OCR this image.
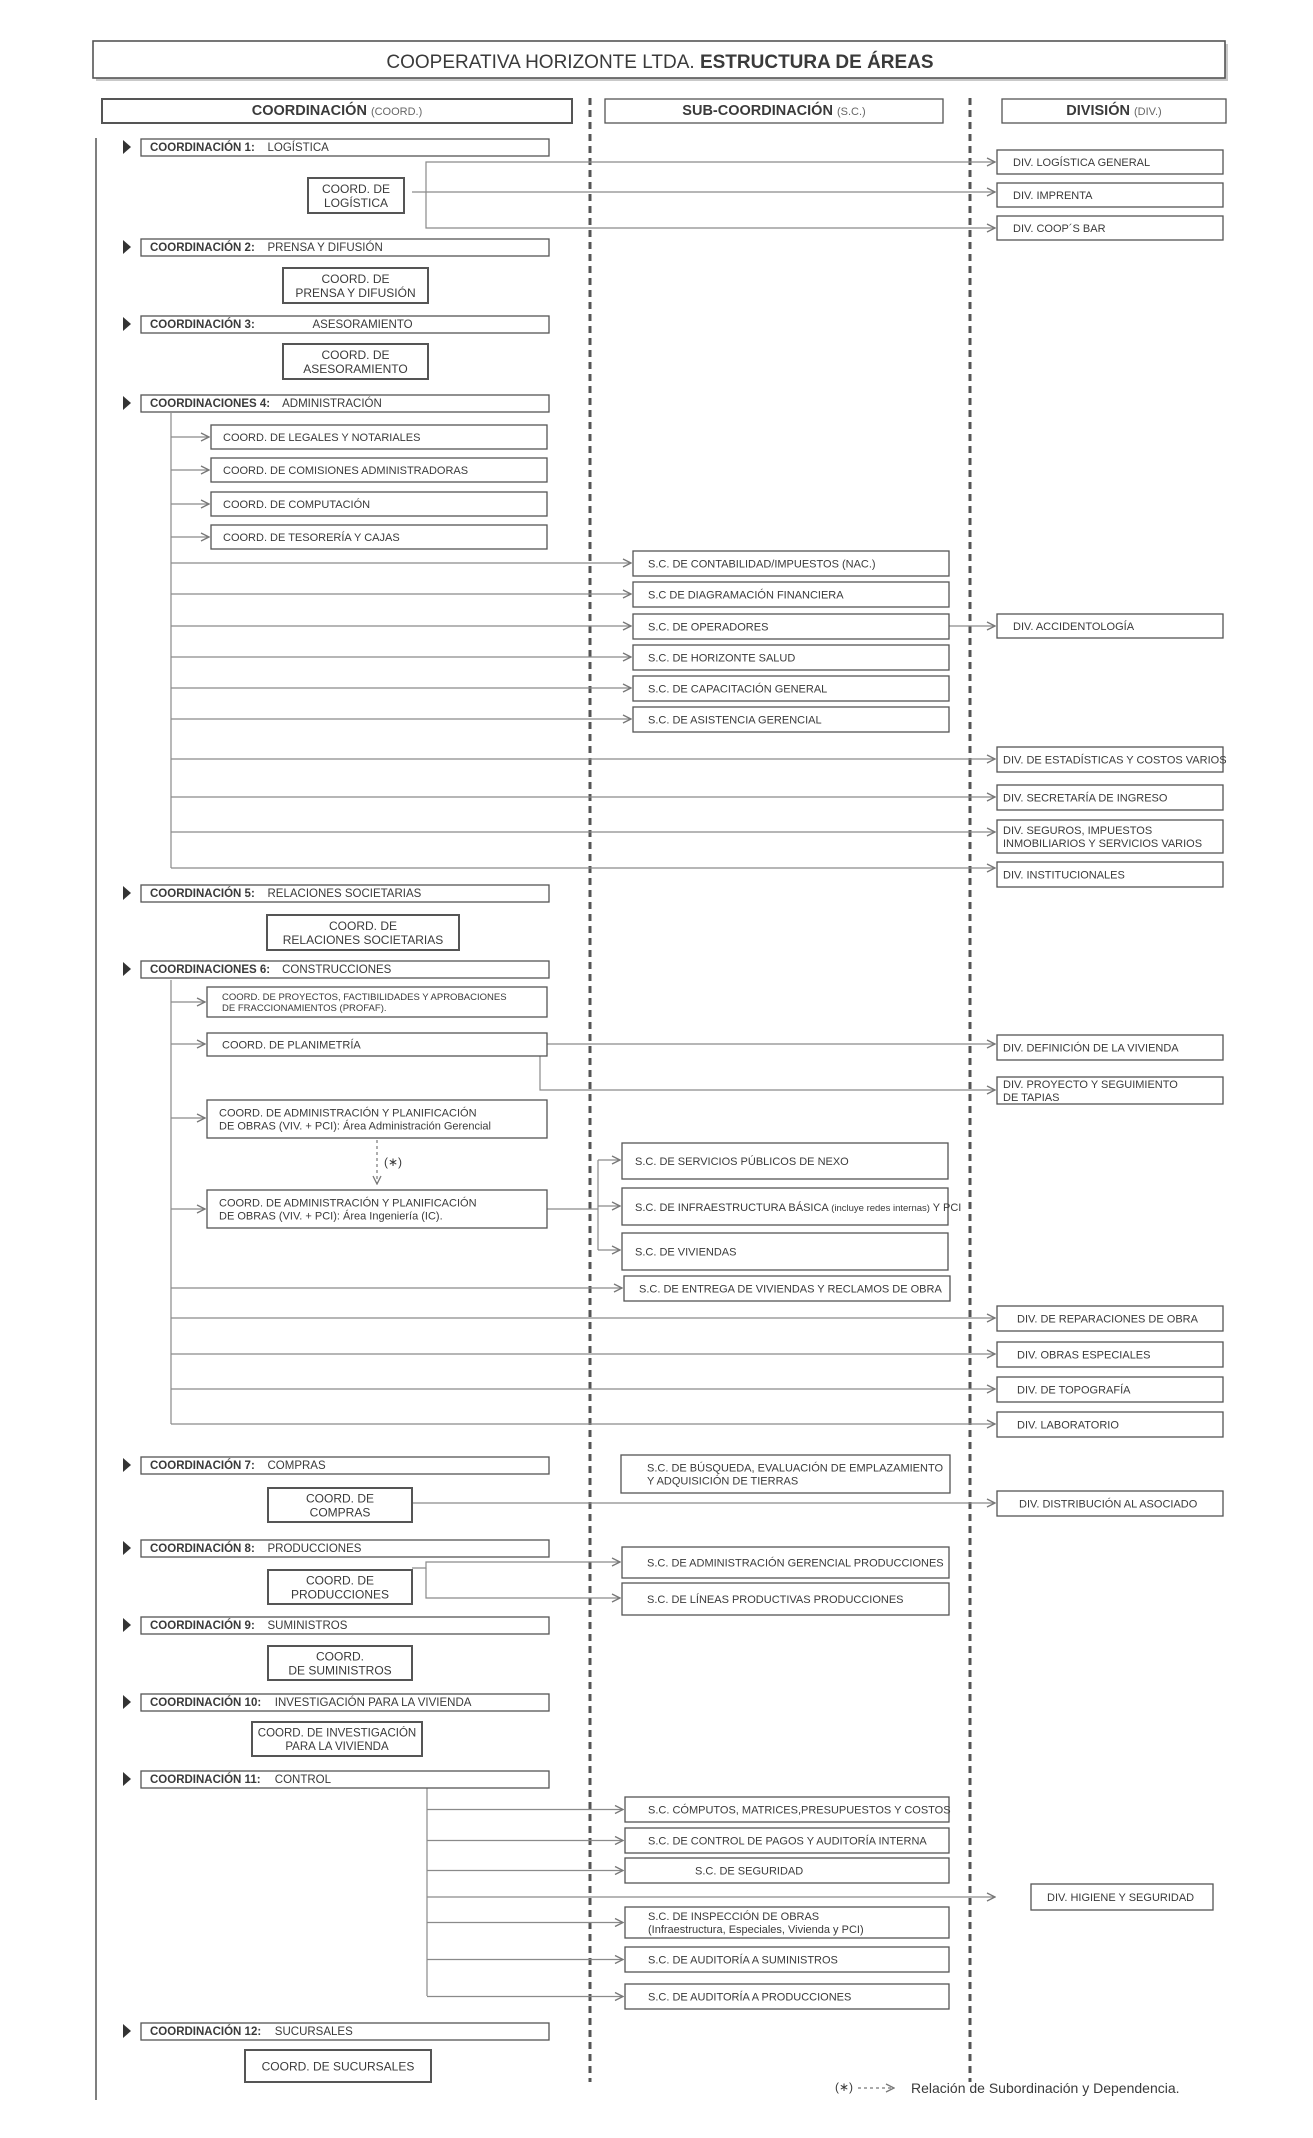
COOPERATIVA HORIZONTE LTDA. ESTRUCTURA DE ÁREAS
COORDINACIÓN (COORD.)	SUB-COORDINACIÓN (S.C.)	DIVISIÓN (DIV.)
COORDINACIÓN 1: LOGÍSTICA
COORDINACIÓN 2: PRENSA Y DIFUSIÓN
COORDINACIÓN 3:	ASESORAMIENTO
COORDINACIONES 4: ADMINISTRACIÓN
COORDINACIÓN 5: RELACIONES SOCIETARIAS
COORDINACIONES 6: CONSTRUCCIONES
COORDINACIÓN 7: COMPRAS
COORDINACIÓN 8: PRODUCCIONES
COORDINACIÓN 9: SUMINISTROS
COORDINACIÓN 10: INVESTIGACIÓN PARA LA VIVIENDA
COORDINACIÓN 11: CONTROL
COORDINACIÓN 12: SUCURSALES
COORD. DE
LOGÍSTICA
COORD. DE
PRENSA Y DIFUSIÓN
COORD. DE
ASESORAMIENTO
COORD. DE
RELACIONES SOCIETARIAS
COORD. DE
COMPRAS
COORD. DE
PRODUCCIONES
COORD.
DE SUMINISTROS
COORD. DE INVESTIGACIÓN
PARA LA VIVIENDA
COORD. DE SUCURSALES
DIV. LOGÍSTICA GENERAL
DIV. IMPRENTA
DIV. COOP´S BAR
DIV. ACCIDENTOLOGÍA
DIV. DE ESTADÍSTICAS Y COSTOS VARIOS
DIV. SECRETARÍA DE INGRESO
DIV. SEGUROS, IMPUESTOS
INMOBILIARIOS Y SERVICIOS VARIOS
DIV. INSTITUCIONALES
DIV. DEFINICIÓN DE LA VIVIENDA
DIV. PROYECTO Y SEGUIMIENTO
DE TAPIAS
DIV. DE REPARACIONES DE OBRA
DIV. OBRAS ESPECIALES
DIV. DE TOPOGRAFÍA
DIV. LABORATORIO
DIV. DISTRIBUCIÓN AL ASOCIADO
DIV. HIGIENE Y SEGURIDAD
COORD. DE LEGALES Y NOTARIALES
COORD. DE COMISIONES ADMINISTRADORAS
COORD. DE COMPUTACIÓN
COORD. DE TESORERÍA Y CAJAS
S.C. DE CONTABILIDAD/IMPUESTOS (NAC.)
S.C DE DIAGRAMACIÓN FINANCIERA
S.C. DE OPERADORES
S.C. DE HORIZONTE SALUD
S.C. DE CAPACITACIÓN GENERAL
S.C. DE ASISTENCIA GERENCIAL
COORD. DE PROYECTOS, FACTIBILIDADES Y APROBACIONES
DE FRACCIONAMIENTOS (PROFAF).
COORD. DE PLANIMETRÍA
COORD. DE ADMINISTRACIÓN Y PLANIFICACIÓN
DE OBRAS (VIV. + PCI): Área Administración Gerencial
COORD. DE ADMINISTRACIÓN Y PLANIFICACIÓN
DE OBRAS (VIV. + PCI): Área Ingeniería (IC).
(∗)	S.C. DE SERVICIOS PÚBLICOS DE NEXO
S.C. DE INFRAESTRUCTURA BÁSICA (incluye redes internas) Y PCI
S.C. DE VIVIENDAS
S.C. DE ENTREGA DE VIVIENDAS Y RECLAMOS DE OBRA
S.C. DE BÚSQUEDA, EVALUACIÓN DE EMPLAZAMIENTO
Y ADQUISICIÓN DE TIERRAS
S.C. DE ADMINISTRACIÓN GERENCIAL PRODUCCIONES
S.C. DE LÍNEAS PRODUCTIVAS PRODUCCIONES
S.C. CÓMPUTOS, MATRICES,PRESUPUESTOS Y COSTOS
S.C. DE CONTROL DE PAGOS Y AUDITORÍA INTERNA
S.C. DE SEGURIDAD
S.C. DE INSPECCIÓN DE OBRAS
(Infraestructura, Especiales, Vivienda y PCI)
S.C. DE AUDITORÍA A SUMINISTROS
S.C. DE AUDITORÍA A PRODUCCIONES
(∗)	Relación de Subordinación y Dependencia.
